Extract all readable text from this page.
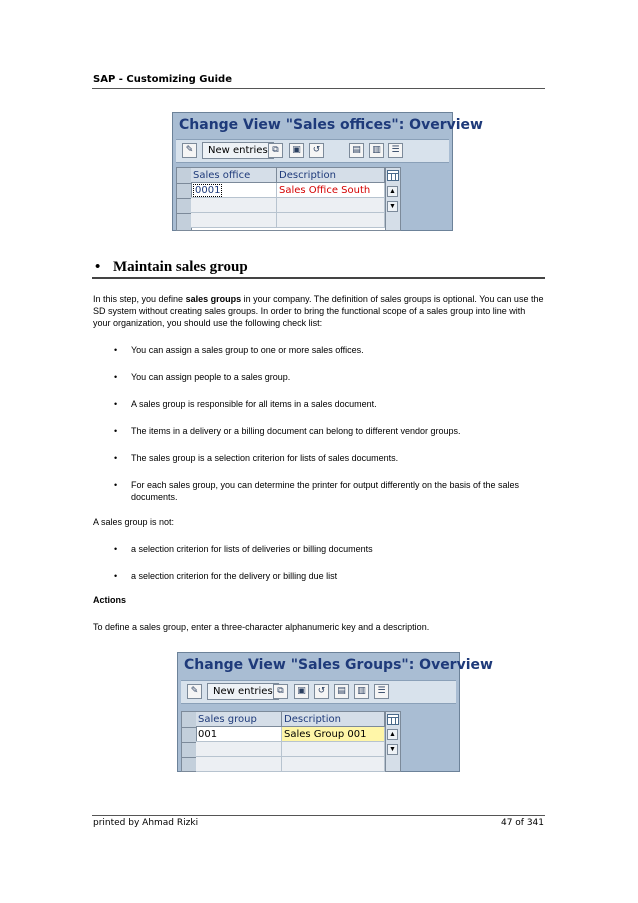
SAP - Customizing Guide
Change View "Sales offices": Overview
✎	New entries ⧉	▣	↺	▤	▥	☰
Sales office	Description
0001	Sales Office South	▲
▼
• Maintain sales group
In this step, you define sales groups in your company. The definition of sales groups is optional. You can use the SD system without creating sales groups. In order to bring the functional scope of a sales group into line with your organization, you should use the following check list:
• You can assign a sales group to one or more sales offices.
• You can assign people to a sales group.
• A sales group is responsible for all items in a sales document.
• The items in a delivery or a billing document can belong to different vendor groups.
• The sales group is a selection criterion for lists of sales documents.
• For each sales group, you can determine the printer for output differently on the basis of the sales documents.
A sales group is not:
• a selection criterion for lists of deliveries or billing documents
• a selection criterion for the delivery or billing due list
Actions
To define a sales group, enter a three-character alphanumeric key and a description.
Change View "Sales Groups": Overview
✎	New entries ⧉	▣	↺	▤	▥	☰
Sales group	Description
001	Sales Group 001	▲
▼
printed by Ahmad Rizki	47 of 341
